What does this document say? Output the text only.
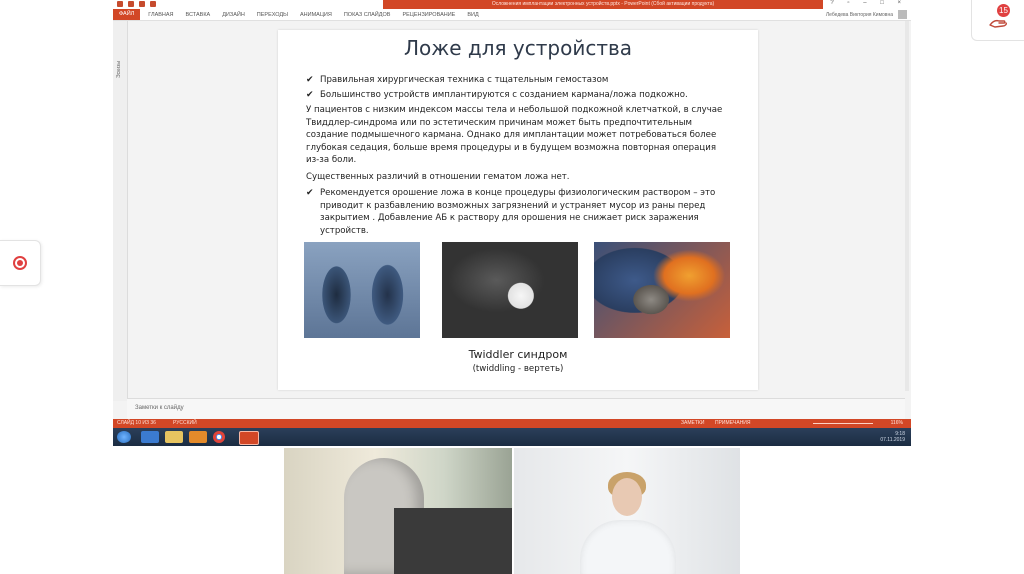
15
Осложнения имплантации электронных устройств.pptx - PowerPoint (Сбой активации продукта)	? ▫ – □ ×
ФАЙЛ	ГЛАВНАЯ ВСТАВКА ДИЗАЙН ПЕРЕХОДЫ АНИМАЦИЯ ПОКАЗ СЛАЙДОВ РЕЦЕНЗИРОВАНИЕ ВИД	Лебедева Виктория Кимовна
Эскизы
Ложе для устройства
✔ Правильная хирургическая техника с тщательным гемостазом
✔ Большинство устройств имплантируются с созданием кармана/ложа подкожно.
У пациентов с низким индексом массы тела и небольшой подкожной клетчаткой, в случае Твиддлер-синдрома или по эстетическим причинам может быть предпочтительным создание подмышечного кармана. Однако для имплантации может потребоваться более глубокая седация, больше время процедуры и в будущем возможна повторная операция из-за боли.
Существенных различий в отношении гематом ложа нет.
✔ Рекомендуется орошение ложа в конце процедуры физиологическим раствором – это приводит к разбавлению возможных загрязнений и устраняет мусор из раны перед закрытием . Добавление АБ к раствору для орошения не снижает риск заражения устройств.
Twiddler синдром
(twiddling - вертеть)
Заметки к слайду
СЛАЙД 10 ИЗ 36	РУССКИЙ	ЗАМЕТКИ ПРИМЕЧАНИЯ	116%
9:18
07.11.2019
